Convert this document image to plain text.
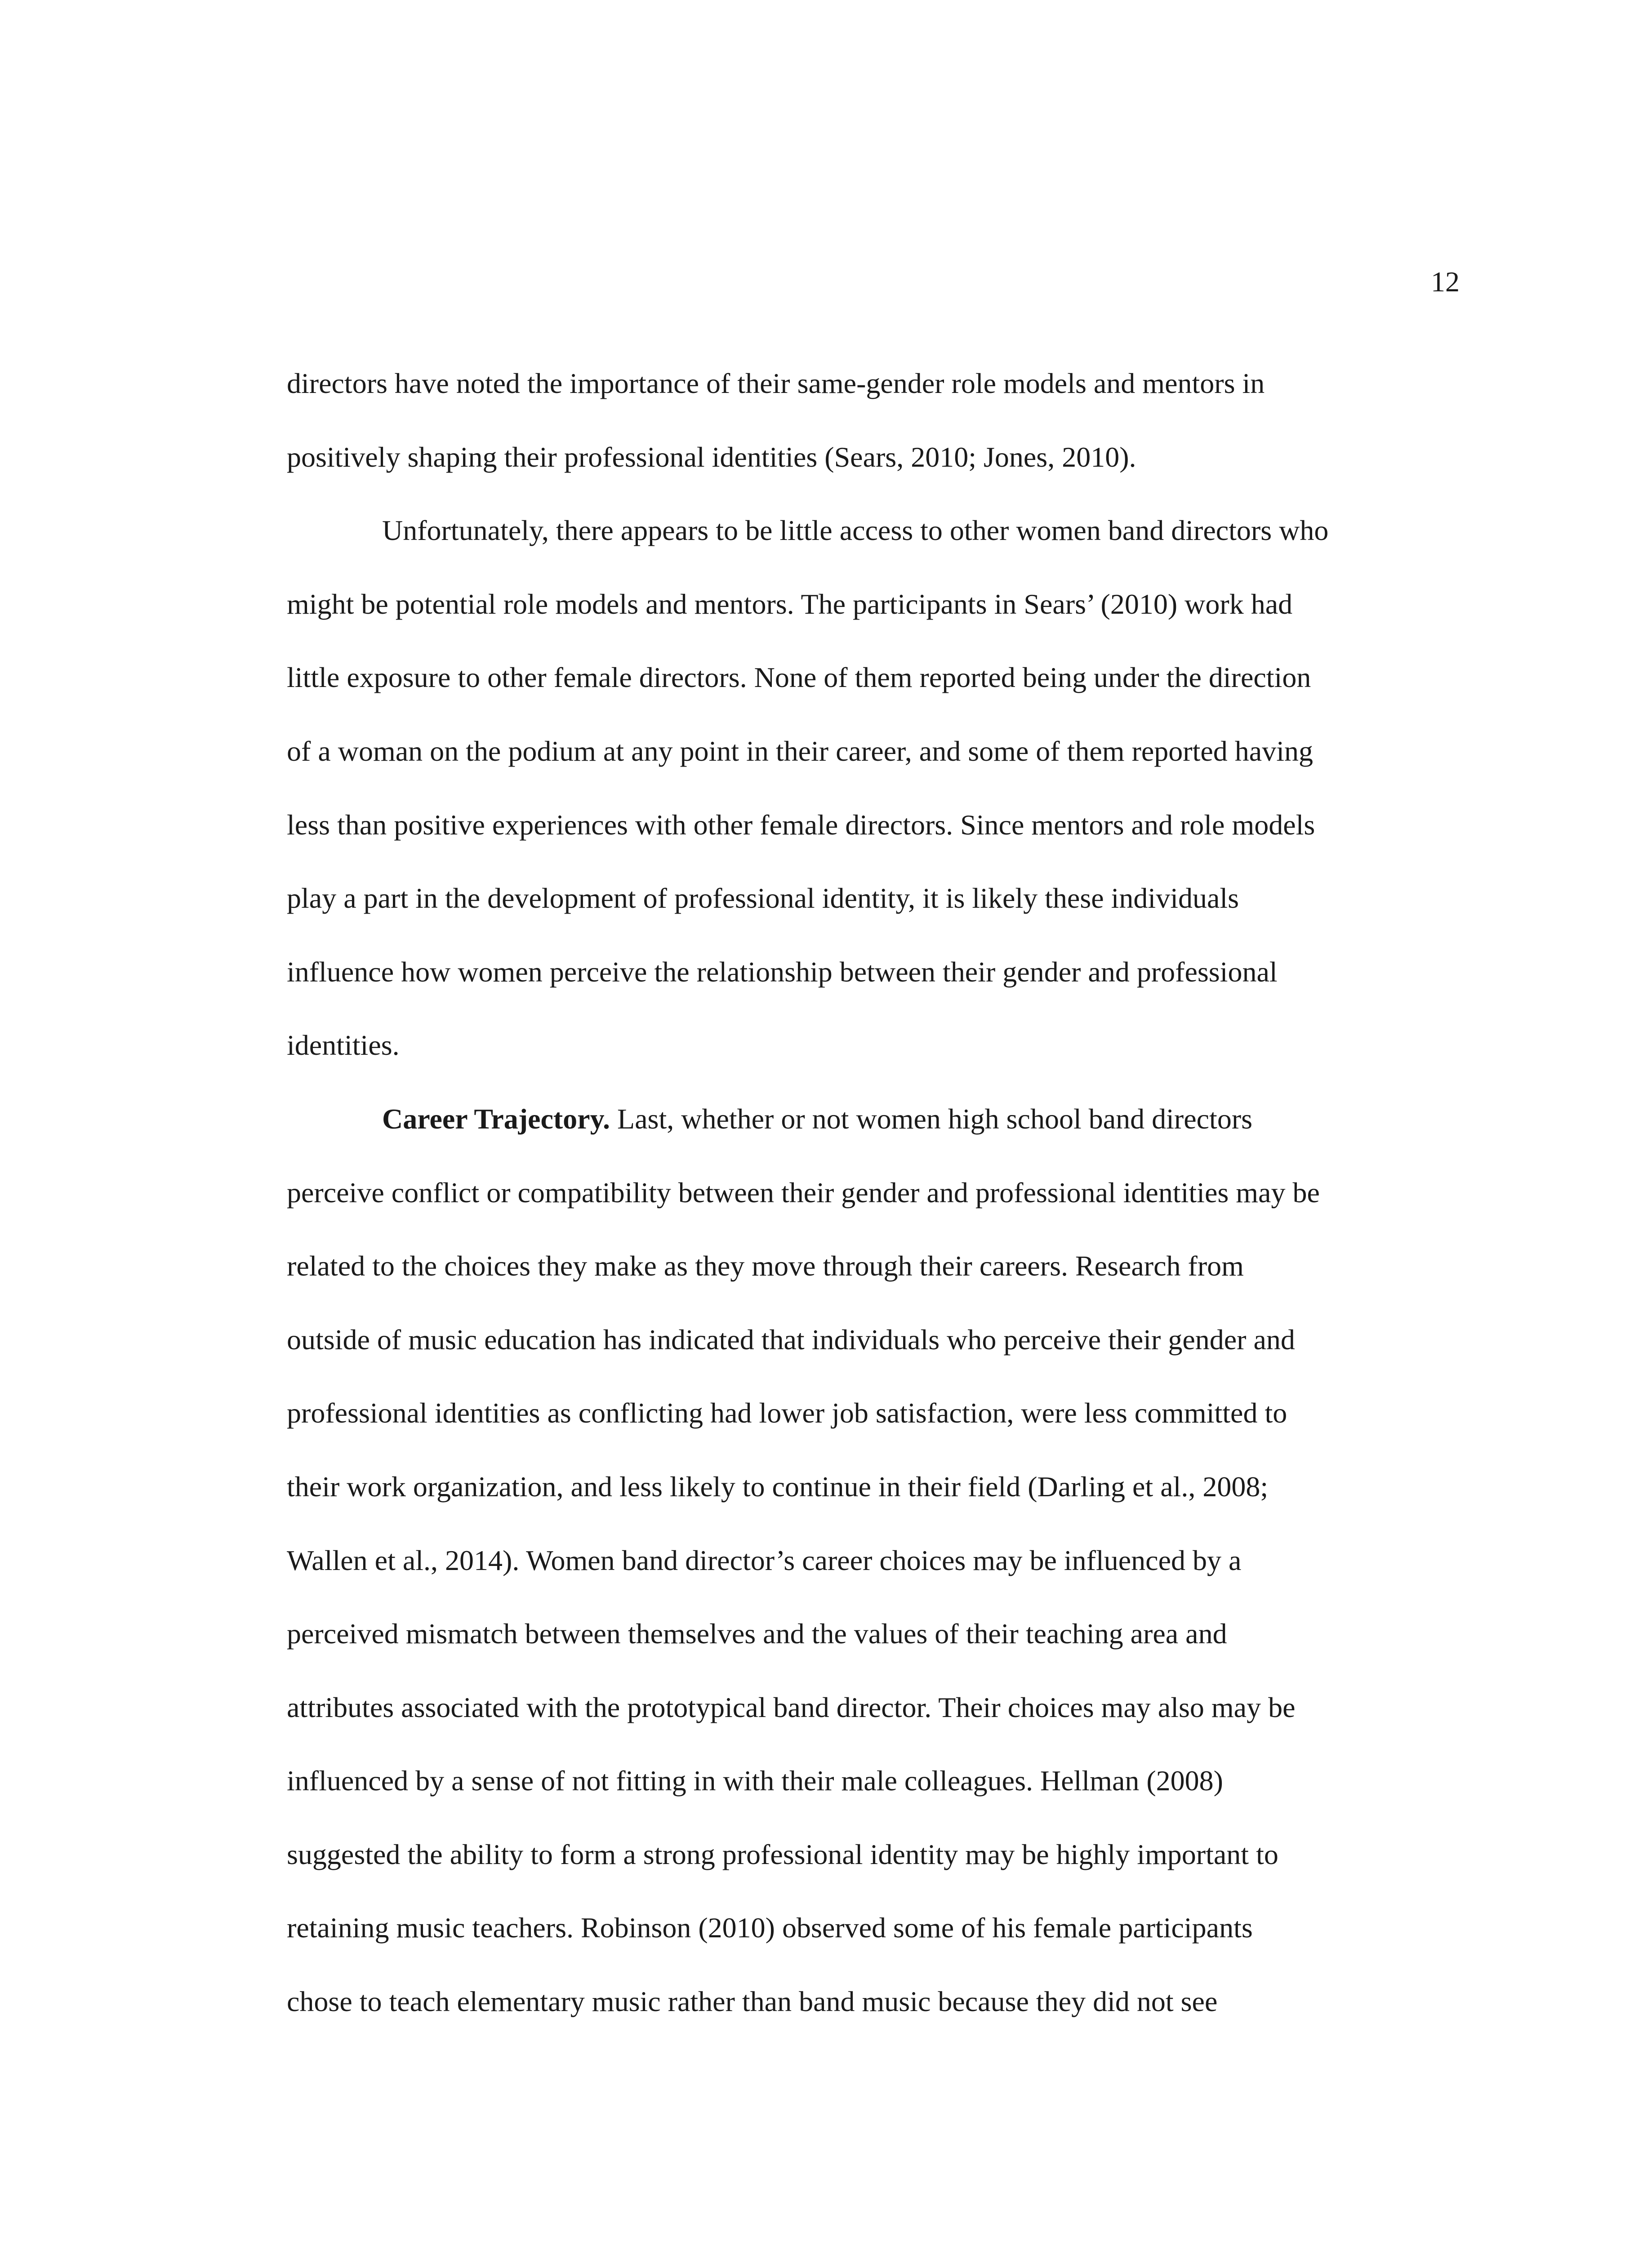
12
directors have noted the importance of their same-gender role models and mentors in
positively shaping their professional identities (Sears, 2010; Jones, 2010).
Unfortunately, there appears to be little access to other women band directors who
might be potential role models and mentors. The participants in Sears’ (2010) work had
little exposure to other female directors. None of them reported being under the direction
of a woman on the podium at any point in their career, and some of them reported having
less than positive experiences with other female directors. Since mentors and role models
play a part in the development of professional identity, it is likely these individuals
influence how women perceive the relationship between their gender and professional
identities.
Career Trajectory. Last, whether or not women high school band directors
perceive conflict or compatibility between their gender and professional identities may be
related to the choices they make as they move through their careers. Research from
outside of music education has indicated that individuals who perceive their gender and
professional identities as conflicting had lower job satisfaction, were less committed to
their work organization, and less likely to continue in their field (Darling et al., 2008;
Wallen et al., 2014). Women band director’s career choices may be influenced by a
perceived mismatch between themselves and the values of their teaching area and
attributes associated with the prototypical band director. Their choices may also may be
influenced by a sense of not fitting in with their male colleagues. Hellman (2008)
suggested the ability to form a strong professional identity may be highly important to
retaining music teachers. Robinson (2010) observed some of his female participants
chose to teach elementary music rather than band music because they did not see
